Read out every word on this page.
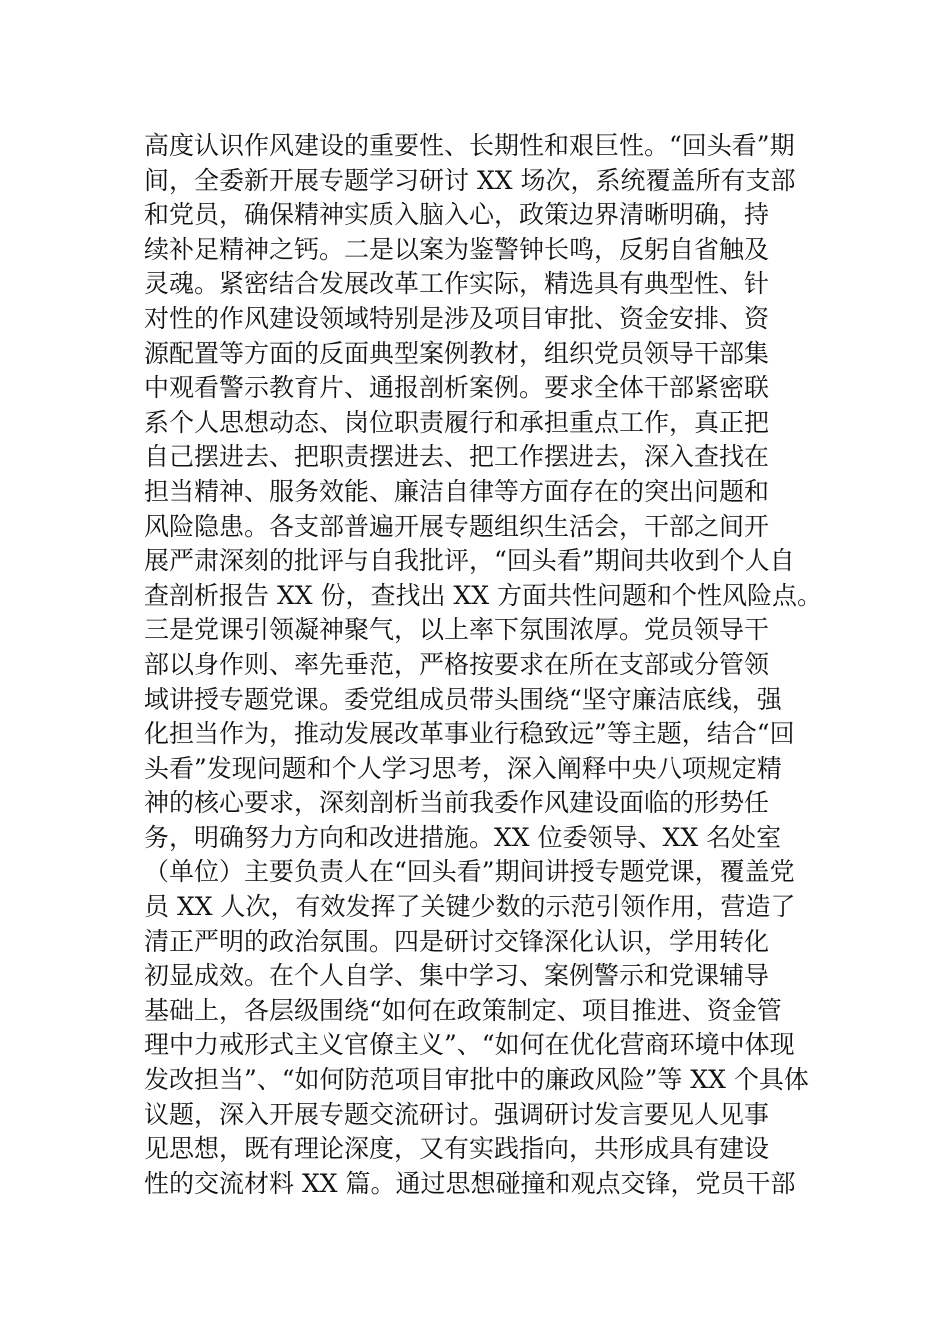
高度认识作风建设的重要性、长期性和艰巨性。“回头看”期
间，全委新开展专题学习研讨 XX 场次，系统覆盖所有支部
和党员，确保精神实质入脑入心，政策边界清晰明确，持
续补足精神之钙。二是以案为鉴警钟长鸣，反躬自省触及
灵魂。紧密结合发展改革工作实际，精选具有典型性、针
对性的作风建设领域特别是涉及项目审批、资金安排、资
源配置等方面的反面典型案例教材，组织党员领导干部集
中观看警示教育片、通报剖析案例。要求全体干部紧密联
系个人思想动态、岗位职责履行和承担重点工作，真正把
自己摆进去、把职责摆进去、把工作摆进去，深入查找在
担当精神、服务效能、廉洁自律等方面存在的突出问题和
风险隐患。各支部普遍开展专题组织生活会，干部之间开
展严肃深刻的批评与自我批评，“回头看”期间共收到个人自
查剖析报告 XX 份，查找出 XX 方面共性问题和个性风险点。
三是党课引领凝神聚气，以上率下氛围浓厚。党员领导干
部以身作则、率先垂范，严格按要求在所在支部或分管领
域讲授专题党课。委党组成员带头围绕“坚守廉洁底线，强
化担当作为，推动发展改革事业行稳致远”等主题，结合“回
头看”发现问题和个人学习思考，深入阐释中央八项规定精
神的核心要求，深刻剖析当前我委作风建设面临的形势任
务，明确努力方向和改进措施。XX 位委领导、XX 名处室
（单位）主要负责人在“回头看”期间讲授专题党课，覆盖党
员 XX 人次，有效发挥了关键少数的示范引领作用，营造了
清正严明的政治氛围。四是研讨交锋深化认识，学用转化
初显成效。在个人自学、集中学习、案例警示和党课辅导
基础上，各层级围绕“如何在政策制定、项目推进、资金管
理中力戒形式主义官僚主义”、“如何在优化营商环境中体现
发改担当”、“如何防范项目审批中的廉政风险”等 XX 个具体
议题，深入开展专题交流研讨。强调研讨发言要见人见事
见思想，既有理论深度，又有实践指向，共形成具有建设
性的交流材料 XX 篇。通过思想碰撞和观点交锋，党员干部
